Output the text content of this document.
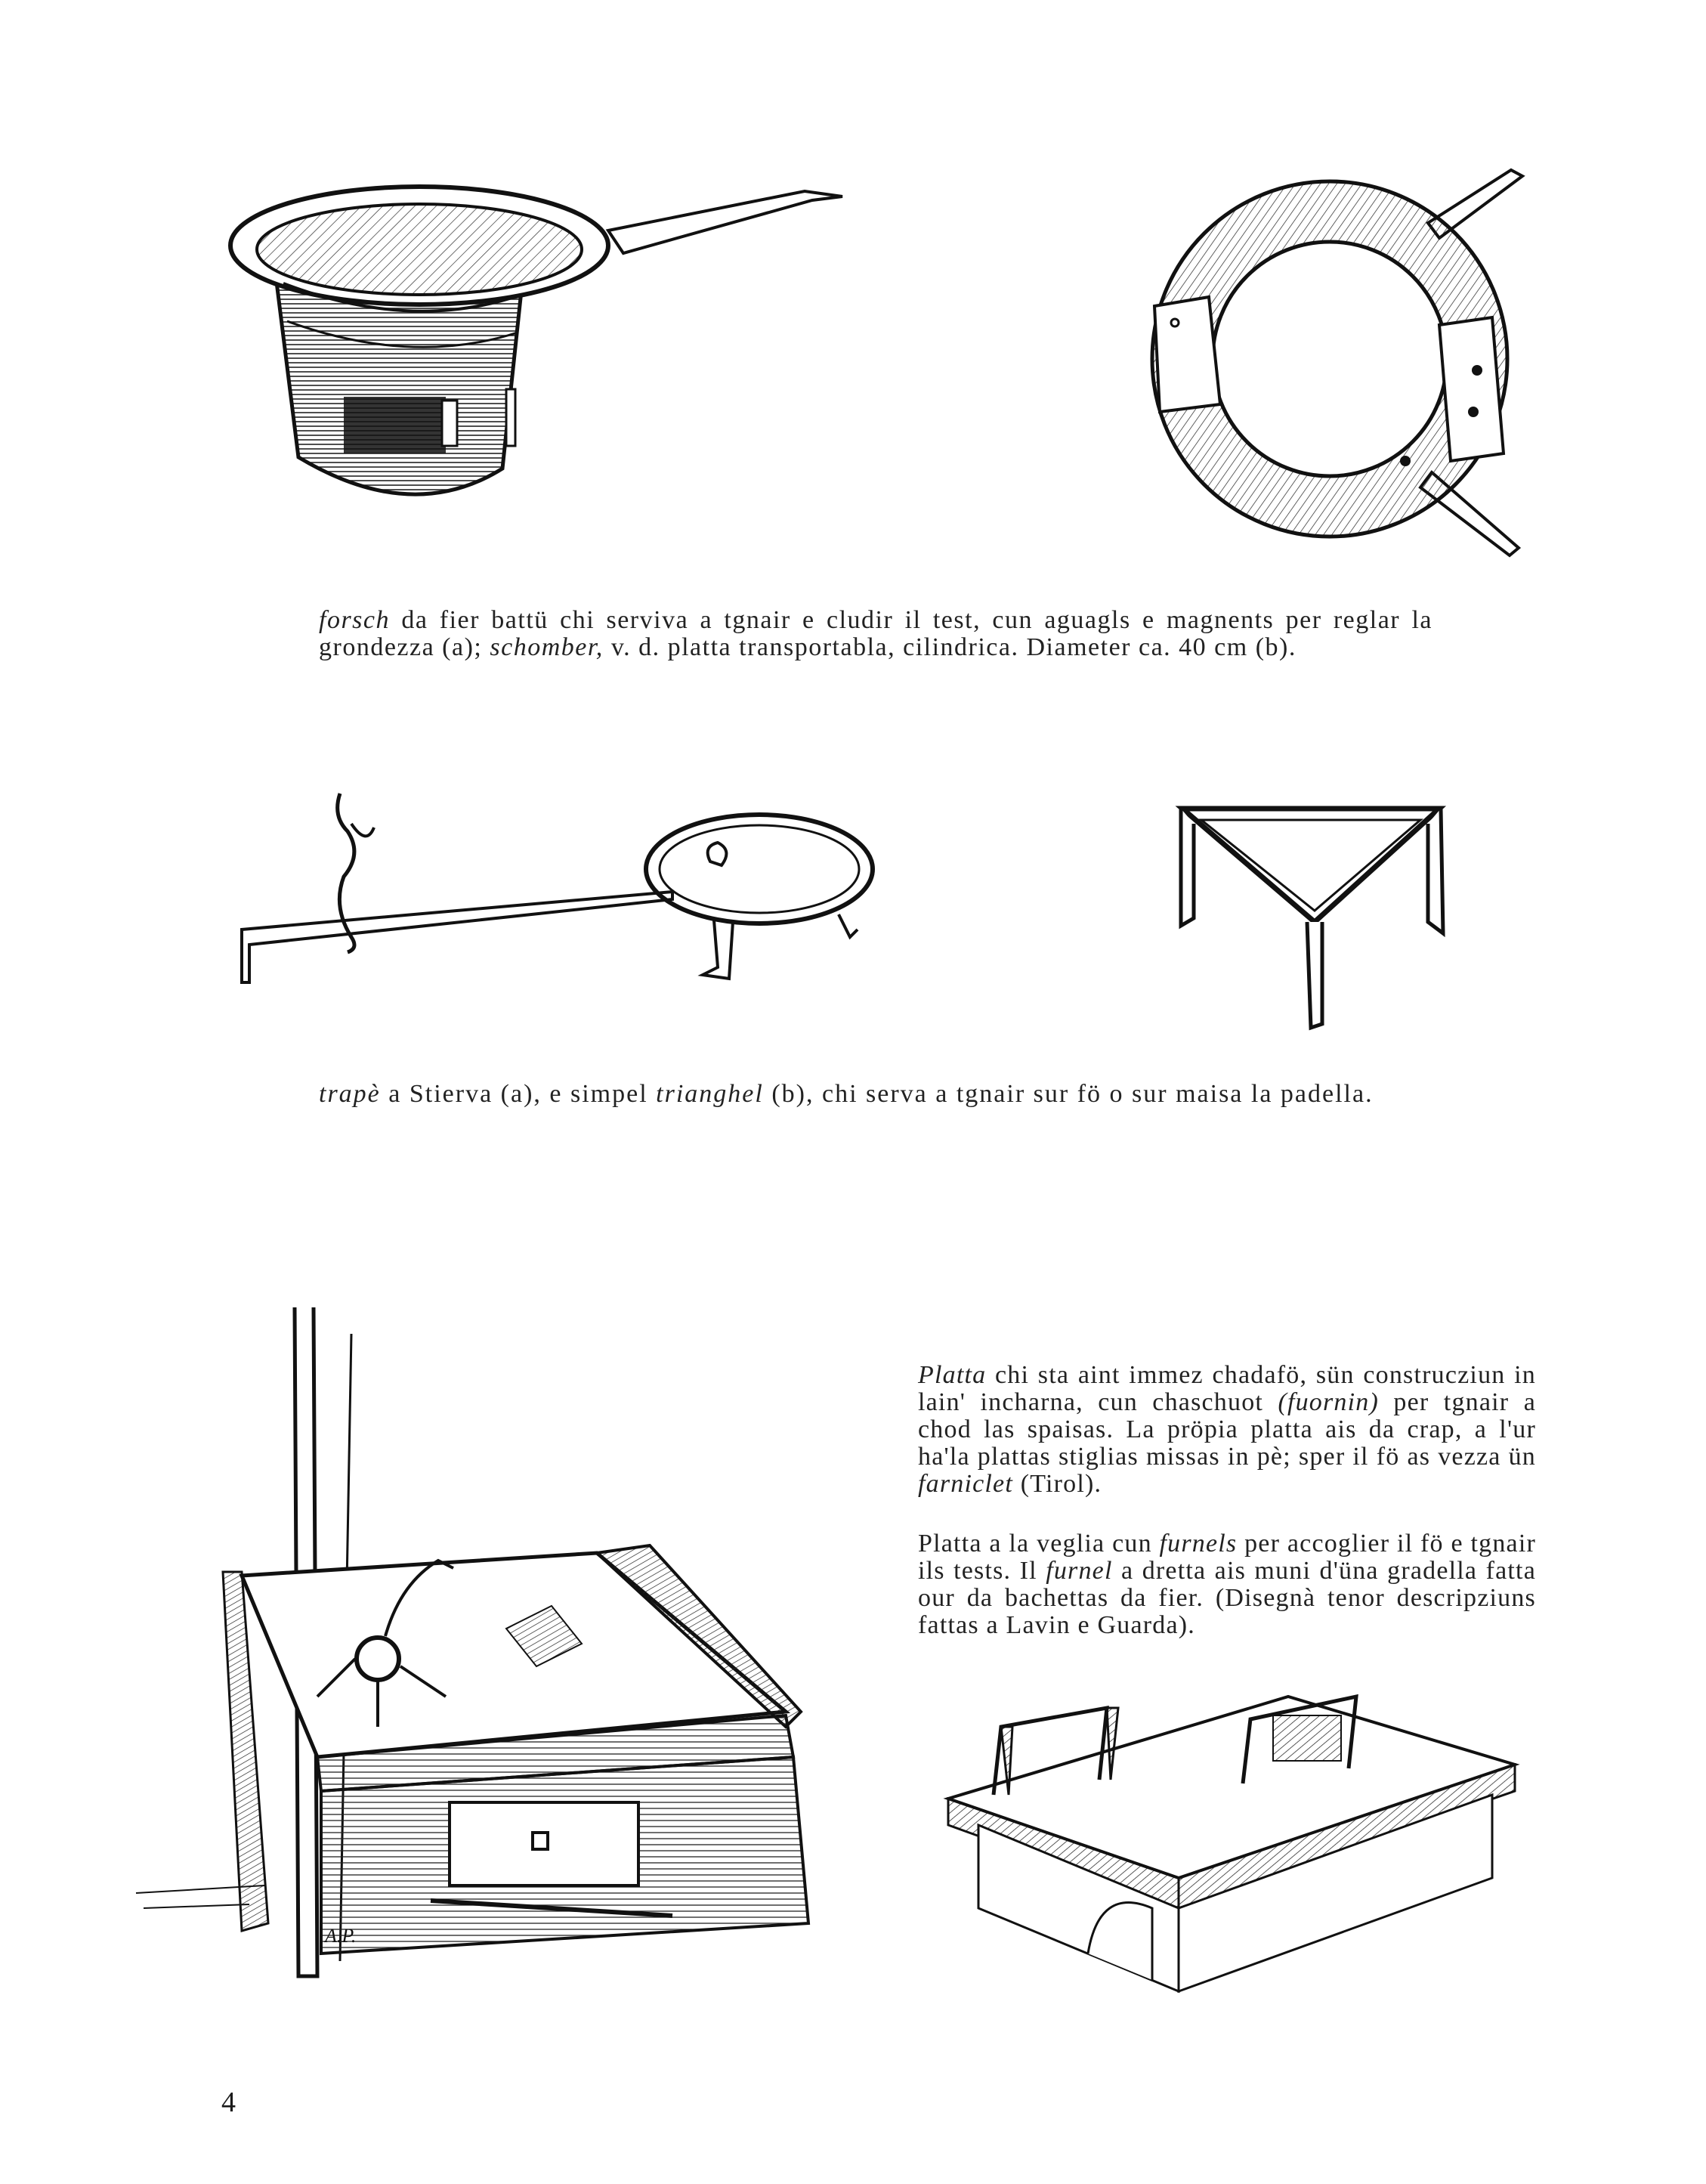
forsch da fier battü chi serviva a tgnair e cludir il test, cun aguagls e magnents per reglar la grondezza (a); schomber, v. d. platta transportabla, cilindrica. Diameter ca. 40 cm (b).

trapè a Stierva (a), e simpel trianghel (b), chi serva a tgnair sur fö o sur maisa la padella.

A.P.

Platta chi sta aint immez chadafö, sün construcziun in lain' incharna, cun chaschuot (fuornin) per tgnair a chod las spaisas. La pröpia platta ais da crap, a l'ur ha'la plattas stiglias missas in pè; sper il fö as vezza ün farniclet (Tirol).

Platta a la veglia cun furnels per accoglier il fö e tgnair ils tests. Il furnel a dretta ais muni d'üna gradella fatta our da bachettas da fier. (Disegnà tenor descripziuns fattas a Lavin e Guarda).

4
